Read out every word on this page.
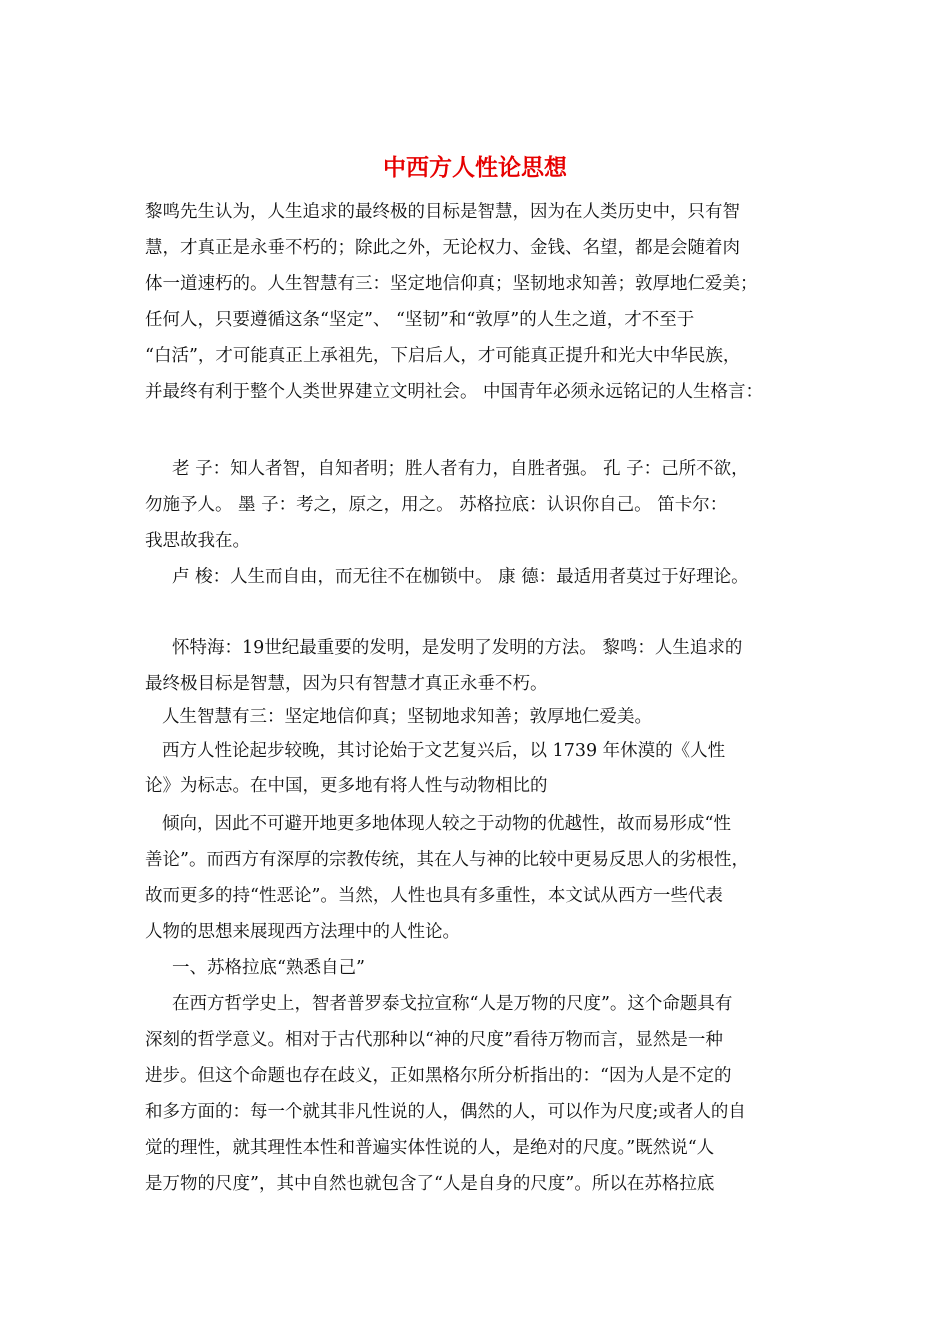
中西方人性论思想
黎鸣先生认为，人生追求的最终极的目标是智慧，因为在人类历史中，只有智
慧，才真正是永垂不朽的；除此之外，无论权力、金钱、名望，都是会随着肉
体一道速朽的。人生智慧有三：坚定地信仰真；坚韧地求知善；敦厚地仁爱美；
任何人，只要遵循这条“坚定”、 “坚韧”和“敦厚”的人生之道，才不至于
“白活”，才可能真正上承祖先，下启后人，才可能真正提升和光大中华民族，
并最终有利于整个人类世界建立文明社会。 中国青年必须永远铭记的人生格言：
老 子：知人者智，自知者明；胜人者有力，自胜者强。 孔 子：己所不欲，
勿施予人。 墨 子：考之，原之，用之。 苏格拉底：认识你自己。 笛卡尔：
我思故我在。
卢 梭：人生而自由，而无往不在枷锁中。 康 德：最适用者莫过于好理论。
怀特海：19世纪最重要的发明，是发明了发明的方法。 黎鸣：人生追求的
最终极目标是智慧，因为只有智慧才真正永垂不朽。
人生智慧有三：坚定地信仰真；坚韧地求知善；敦厚地仁爱美。
西方人性论起步较晚，其讨论始于文艺复兴后，以 1739 年休漠的《人性
论》为标志。在中国，更多地有将人性与动物相比的
倾向，因此不可避开地更多地体现人较之于动物的优越性，故而易形成“性
善论”。而西方有深厚的宗教传统，其在人与神的比较中更易反思人的劣根性，
故而更多的持“性恶论”。当然，人性也具有多重性，本文试从西方一些代表
人物的思想来展现西方法理中的人性论。
一、苏格拉底“熟悉自己”
在西方哲学史上，智者普罗泰戈拉宣称“人是万物的尺度”。这个命题具有
深刻的哲学意义。相对于古代那种以“神的尺度”看待万物而言，显然是一种
进步。但这个命题也存在歧义，正如黑格尔所分析指出的：“因为人是不定的
和多方面的：每一个就其非凡性说的人，偶然的人，可以作为尺度;或者人的自
觉的理性，就其理性本性和普遍实体性说的人，是绝对的尺度。”既然说“人
是万物的尺度”，其中自然也就包含了“人是自身的尺度”。所以在苏格拉底
